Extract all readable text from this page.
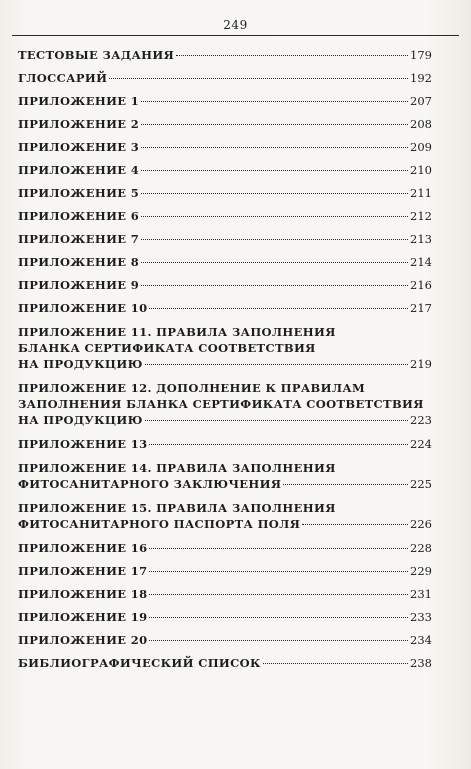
249
ТЕСТОВЫЕ ЗАДАНИЯ	179
ГЛОССАРИЙ	192
ПРИЛОЖЕНИЕ 1	207
ПРИЛОЖЕНИЕ 2	208
ПРИЛОЖЕНИЕ 3	209
ПРИЛОЖЕНИЕ 4	210
ПРИЛОЖЕНИЕ 5	211
ПРИЛОЖЕНИЕ 6	212
ПРИЛОЖЕНИЕ 7	213
ПРИЛОЖЕНИЕ 8	214
ПРИЛОЖЕНИЕ 9	216
ПРИЛОЖЕНИЕ 10	217
ПРИЛОЖЕНИЕ 11. ПРАВИЛА ЗАПОЛНЕНИЯ
БЛАНКА СЕРТИФИКАТА СООТВЕТСТВИЯ
НА ПРОДУКЦИЮ	219
ПРИЛОЖЕНИЕ 12. ДОПОЛНЕНИЕ К ПРАВИЛАМ
ЗАПОЛНЕНИЯ БЛАНКА СЕРТИФИКАТА СООТВЕТСТВИЯ
НА ПРОДУКЦИЮ	223
ПРИЛОЖЕНИЕ 13	224
ПРИЛОЖЕНИЕ 14. ПРАВИЛА ЗАПОЛНЕНИЯ
ФИТОСАНИТАРНОГО ЗАКЛЮЧЕНИЯ	225
ПРИЛОЖЕНИЕ 15. ПРАВИЛА ЗАПОЛНЕНИЯ
ФИТОСАНИТАРНОГО ПАСПОРТА ПОЛЯ	226
ПРИЛОЖЕНИЕ 16	228
ПРИЛОЖЕНИЕ 17	229
ПРИЛОЖЕНИЕ 18	231
ПРИЛОЖЕНИЕ 19	233
ПРИЛОЖЕНИЕ 20	234
БИБЛИОГРАФИЧЕСКИЙ СПИСОК	238
